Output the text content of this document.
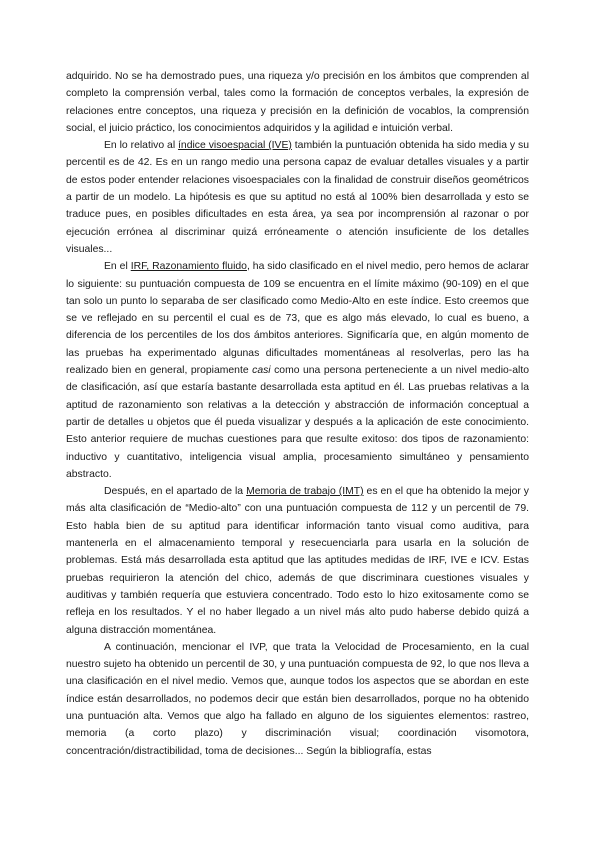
adquirido. No se ha demostrado pues, una riqueza y/o precisión en los ámbitos que comprenden al completo la comprensión verbal, tales como la formación de conceptos verbales, la expresión de relaciones entre conceptos, una riqueza y precisión en la definición de vocablos, la comprensión social, el juicio práctico, los conocimientos adquiridos y la agilidad e intuición verbal.

En lo relativo al índice visoespacial (IVE) también la puntuación obtenida ha sido media y su percentil es de 42. Es en un rango medio una persona capaz de evaluar detalles visuales y a partir de estos poder entender relaciones visoespaciales con la finalidad de construir diseños geométricos a partir de un modelo. La hipótesis es que su aptitud no está al 100% bien desarrollada y esto se traduce pues, en posibles dificultades en esta área, ya sea por incomprensión al razonar o por ejecución errónea al discriminar quizá erróneamente o atención insuficiente de los detalles visuales...

En el IRF, Razonamiento fluido, ha sido clasificado en el nivel medio, pero hemos de aclarar lo siguiente: su puntuación compuesta de 109 se encuentra en el límite máximo (90-109) en el que tan solo un punto lo separaba de ser clasificado como Medio-Alto en este índice. Esto creemos que se ve reflejado en su percentil el cual es de 73, que es algo más elevado, lo cual es bueno, a diferencia de los percentiles de los dos ámbitos anteriores. Significaría que, en algún momento de las pruebas ha experimentado algunas dificultades momentáneas al resolverlas, pero las ha realizado bien en general, propiamente casi como una persona perteneciente a un nivel medio-alto de clasificación, así que estaría bastante desarrollada esta aptitud en él. Las pruebas relativas a la aptitud de razonamiento son relativas a la detección y abstracción de información conceptual a partir de detalles u objetos que él pueda visualizar y después a la aplicación de este conocimiento. Esto anterior requiere de muchas cuestiones para que resulte exitoso: dos tipos de razonamiento: inductivo y cuantitativo, inteligencia visual amplia, procesamiento simultáneo y pensamiento abstracto.

Después, en el apartado de la Memoria de trabajo (IMT) es en el que ha obtenido la mejor y más alta clasificación de “Medio-alto” con una puntuación compuesta de 112 y un percentil de 79. Esto habla bien de su aptitud para identificar información tanto visual como auditiva, para mantenerla en el almacenamiento temporal y resecuenciarla para usarla en la solución de problemas. Está más desarrollada esta aptitud que las aptitudes medidas de IRF, IVE e ICV. Estas pruebas requirieron la atención del chico, además de que discriminara cuestiones visuales y auditivas y también requería que estuviera concentrado. Todo esto lo hizo exitosamente como se refleja en los resultados. Y el no haber llegado a un nivel más alto pudo haberse debido quizá a alguna distracción momentánea.

A continuación, mencionar el IVP, que trata la Velocidad de Procesamiento, en la cual nuestro sujeto ha obtenido un percentil de 30, y una puntuación compuesta de 92, lo que nos lleva a una clasificación en el nivel medio. Vemos que, aunque todos los aspectos que se abordan en este índice están desarrollados, no podemos decir que están bien desarrollados, porque no ha obtenido una puntuación alta. Vemos que algo ha fallado en alguno de los siguientes elementos: rastreo, memoria (a corto plazo) y discriminación visual; coordinación visomotora, concentración/distractibilidad, toma de decisiones... Según la bibliografía, estas
